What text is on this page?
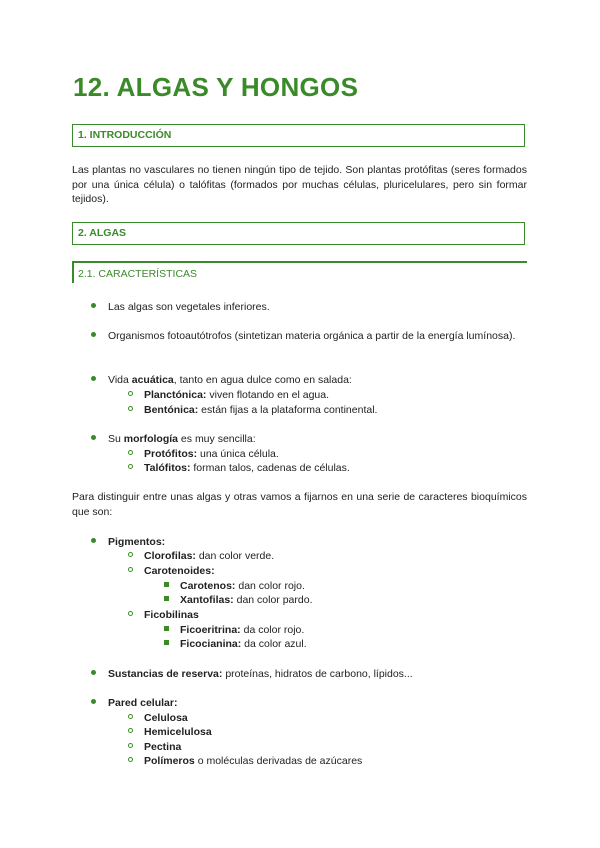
12. ALGAS Y HONGOS
1. INTRODUCCIÓN

Las plantas no vasculares no tienen ningún tipo de tejido. Son plantas protófitas (seres formados por una única célula) o talófitas (formados por muchas células, pluricelulares, pero sin formar tejidos).

2. ALGAS
2.1. CARACTERÍSTICAS
Las algas son vegetales inferiores.
Organismos fotoautótrofos (sintetizan materia orgánica a partir de la energía lumínosa).
Vida acuática, tanto en agua dulce como en salada:
Planctónica: viven flotando en el agua.
Bentónica: están fijas a la plataforma continental.
Su morfología es muy sencilla:
Protófitos: una única célula.
Talófitos: forman talos, cadenas de células.

Para distinguir entre unas algas y otras vamos a fijarnos en una serie de caracteres bioquímicos que son:

Pigmentos:
Clorofilas: dan color verde.
Carotenoides:
Carotenos: dan color rojo.
Xantofilas: dan color pardo.
Ficobilinas
Ficoeritrina: da color rojo.
Ficocianina: da color azul.
Sustancias de reserva: proteínas, hidratos de carbono, lípidos...
Pared celular:
Celulosa
Hemicelulosa
Pectina
Polímeros o moléculas derivadas de azúcares
